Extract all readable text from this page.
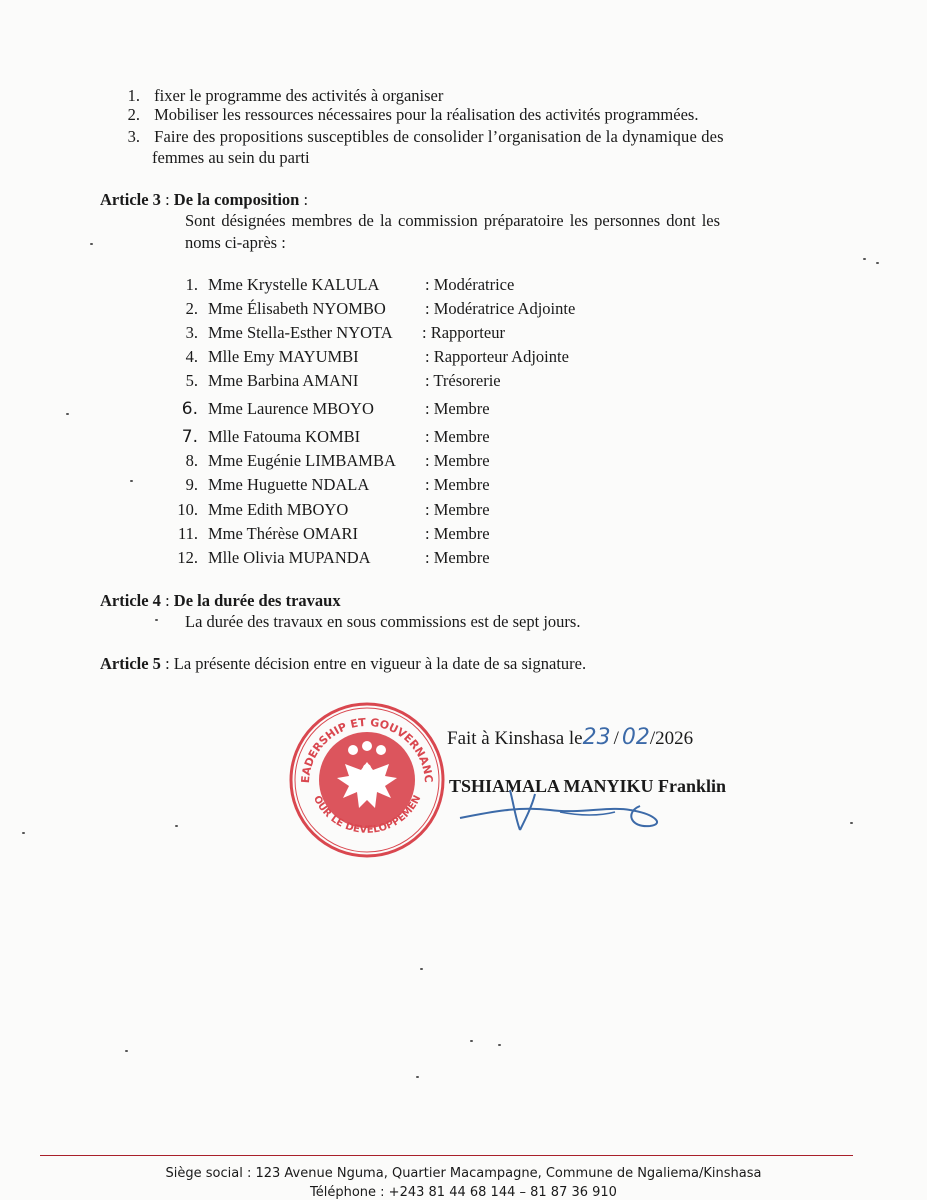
1. fixer le programme des activités à organiser
2. Mobiliser les ressources nécessaires pour la réalisation des activités programmées.
3. Faire des propositions susceptibles de consolider l’organisation de la dynamique des
femmes au sein du parti
Article 3 : De la composition :
Sont désignées membres de la commission préparatoire les personnes dont les
noms ci-après :
1. Mme Krystelle KALULA	: Modératrice
2. Mme Élisabeth NYOMBO : Modératrice Adjointe
3. Mme Stella-Esther NYOTA : Rapporteur
4. Mlle Emy MAYUMBI	: Rapporteur Adjointe
5. Mme Barbina AMANI	: Trésorerie
6. Mme Laurence MBOYO	: Membre
7. Mlle Fatouma KOMBI	: Membre
8. Mme Eugénie LIMBAMBA : Membre
9. Mme Huguette NDALA	: Membre
10. Mme Edith MBOYO	: Membre
11. Mme Thérèse OMARI	: Membre
12. Mlle Olivia MUPANDA	: Membre
Article 4 : De la durée des travaux
La durée des travaux en sous commissions est de sept jours.
Article 5 : La présente décision entre en vigueur à la date de sa signature.
EADERSHIP ET GOUVERNANC
OUR LE DEVELOPPEMEN
Fait à Kinshasa le23 / 02/2026
TSHIAMALA MANYIKU Franklin
Siège social : 123 Avenue Nguma, Quartier Macampagne, Commune de Ngaliema/Kinshasa
Téléphone : +243 81 44 68 144 – 81 87 36 910
